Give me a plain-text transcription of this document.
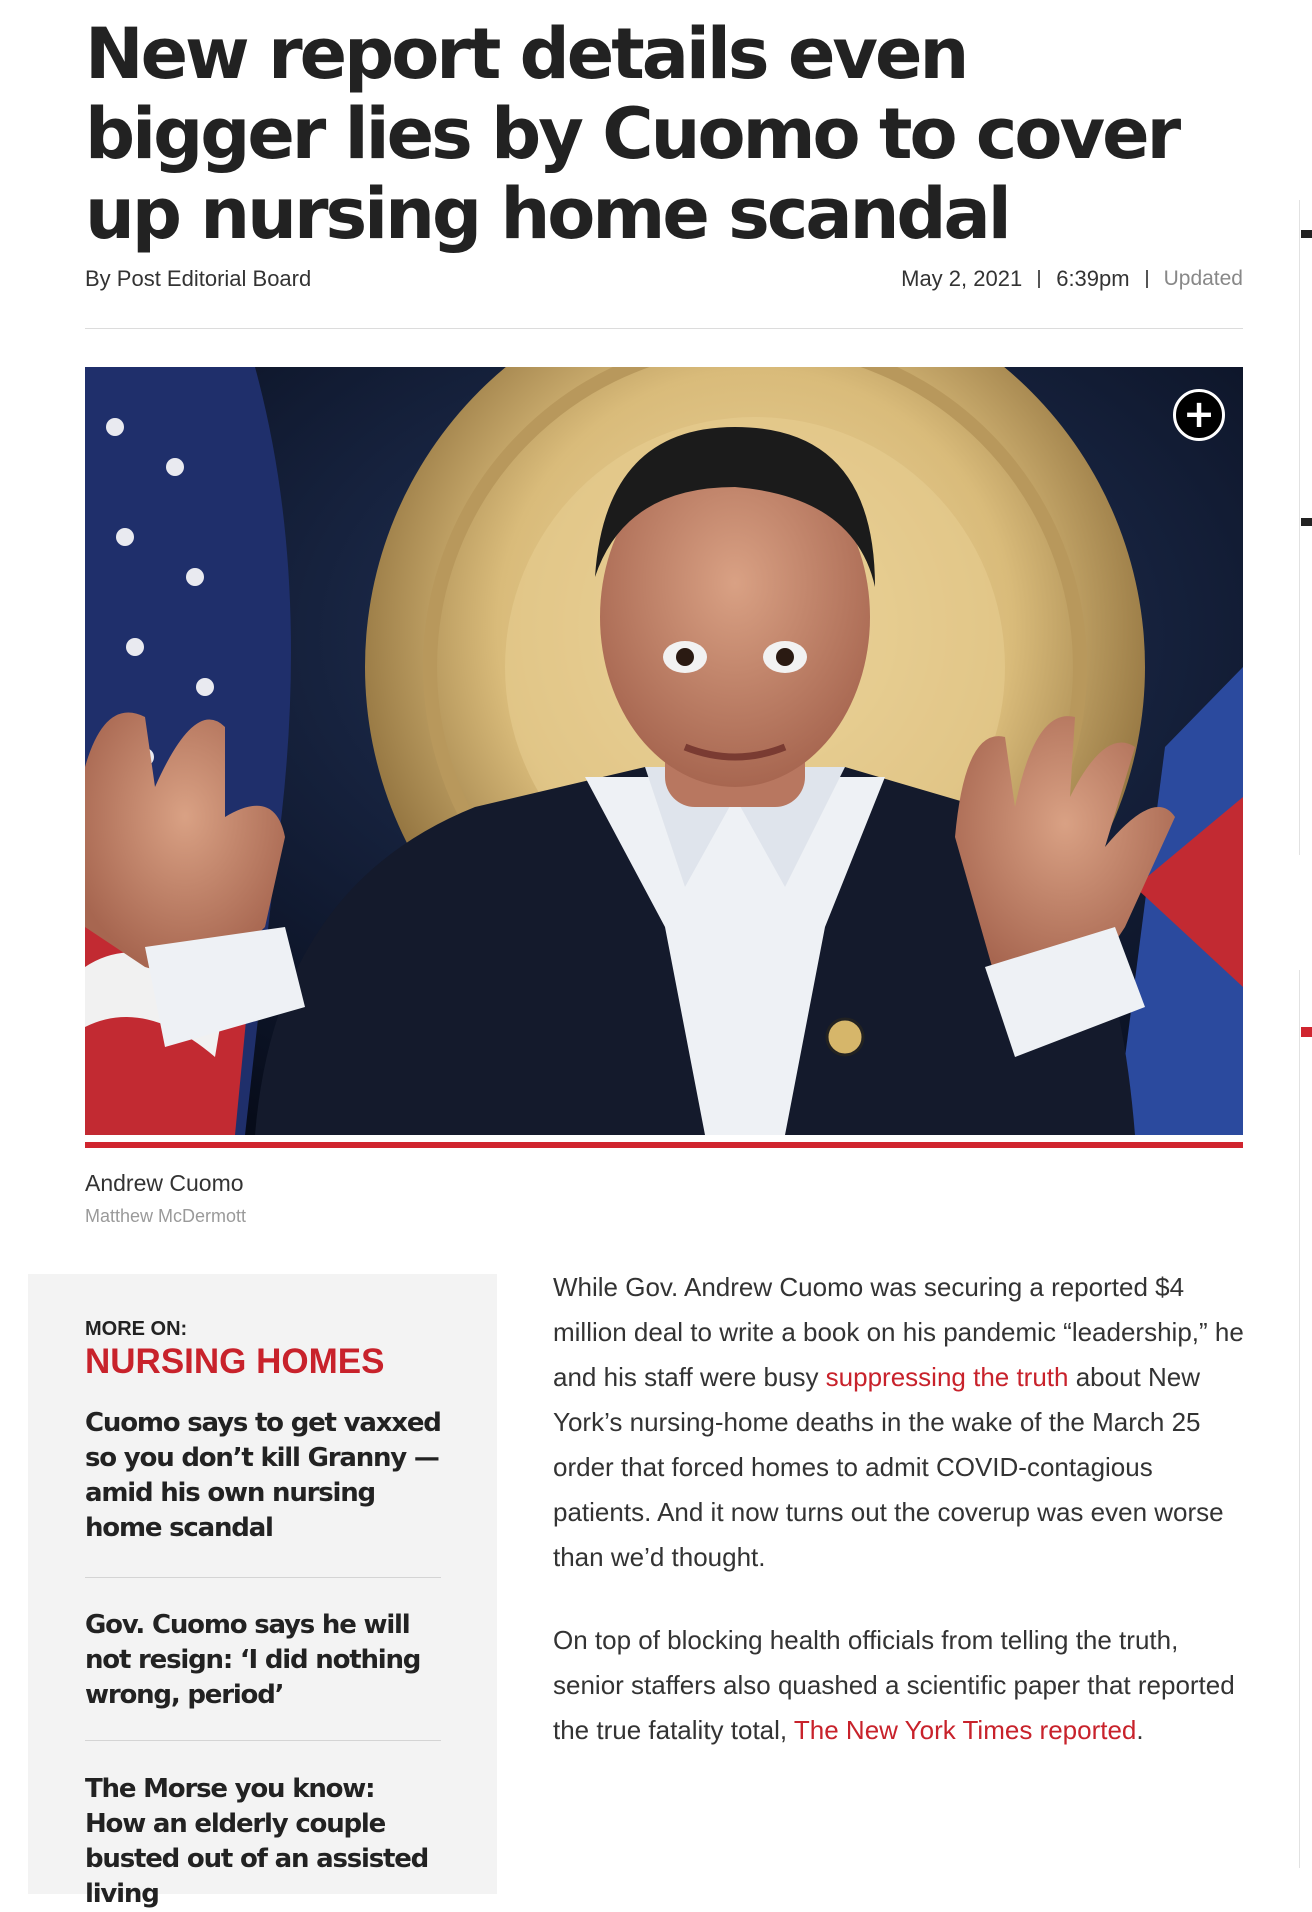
New report details even bigger lies by Cuomo to cover up nursing home scandal
By Post Editorial Board	May 2, 2021 6:39pm Updated
+
Andrew Cuomo
Matthew McDermott
MORE ON:
NURSING HOMES
Cuomo says to get vaxxed so you don’t kill Granny — amid his own nursing home scandal
Gov. Cuomo says he will not resign: ‘I did nothing wrong, period’
The Morse you know: How an elderly couple busted out of an assisted living

While Gov. Andrew Cuomo was securing a reported $4 million deal to write a book on his pandemic “leadership,” he and his staff were busy suppressing the truth about New York’s nursing-home deaths in the wake of the March 25 order that forced homes to admit COVID-contagious patients. And it now turns out the coverup was even worse than we’d thought.

On top of blocking health officials from telling the truth, senior staffers also quashed a scientific paper that reported the true fatality total, The New York Times reported.
